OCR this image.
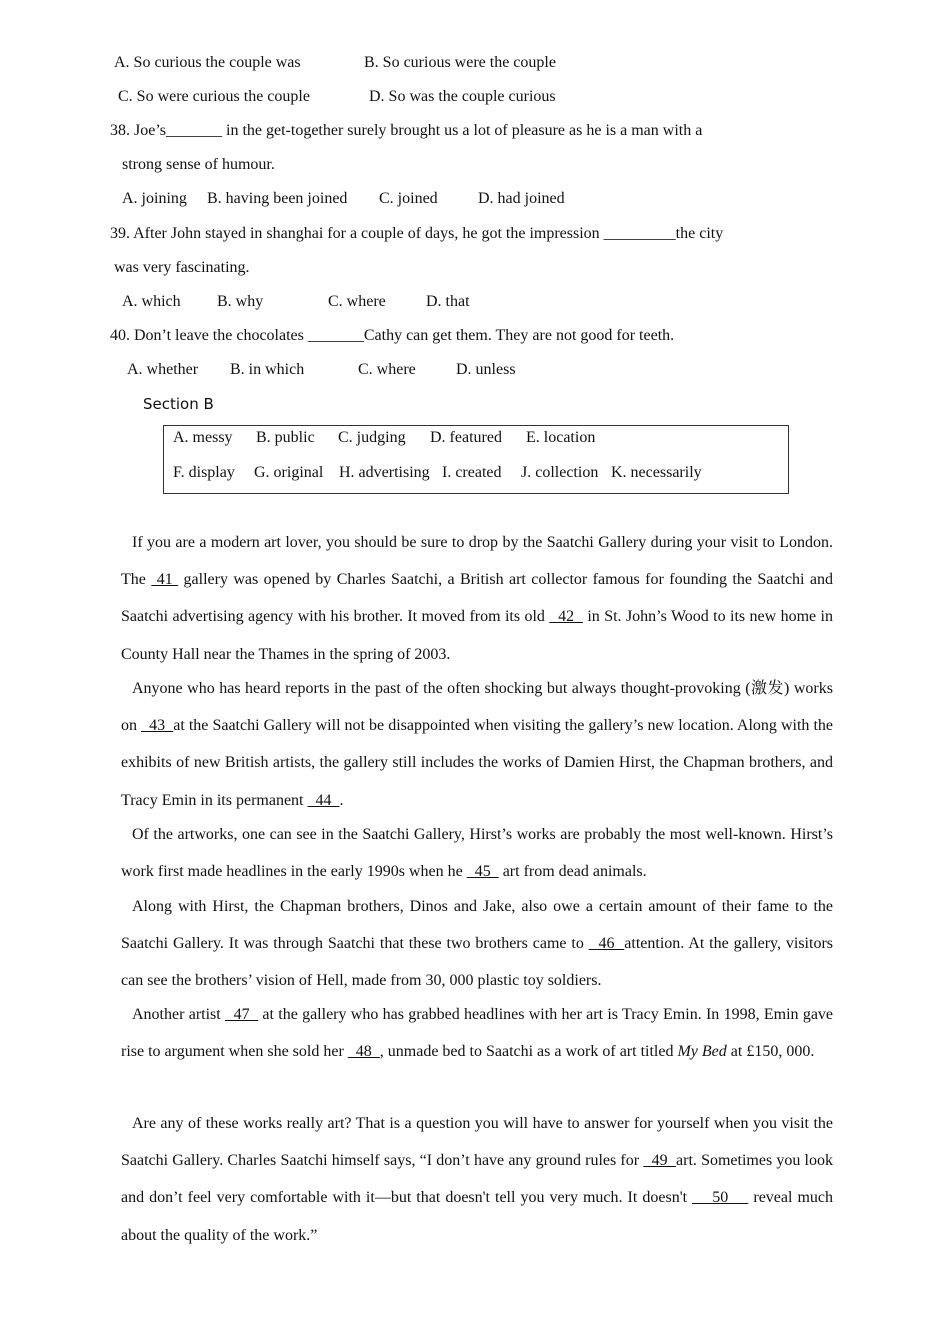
A. So curious the couple was	B. So curious were the couple
C. So were curious the couple	D. So was the couple curious
38. Joe’s_______ in the get-together surely brought us a lot of pleasure as he is a man with a
strong sense of humour.
A. joining B. having been joined C. joined	D. had joined
39. After John stayed in shanghai for a couple of days, he got the impression _________the city
was very fascinating.
A. which B. why	C. where	D. that
40. Don’t leave the chocolates _______Cathy can get them. They are not good for teeth.
A. whether B. in which	C. where	D. unless
Section B
A. messy B. public C. judging D. featured E. location
F. display G. original H. advertising I. created J. collection K. necessarily
If you are a modern art lover, you should be sure to drop by the Saatchi Gallery during your visit to London. The  41  gallery was opened by Charles Saatchi, a British art collector famous for founding the Saatchi and Saatchi advertising agency with his brother. It moved from its old   42   in St. John’s Wood to its new home in County Hall near the Thames in the spring of 2003.
Anyone who has heard reports in the past of the often shocking but always thought-provoking (激发) works on   43  at the Saatchi Gallery will not be disappointed when visiting the gallery’s new location. Along with the exhibits of new British artists, the gallery still includes the works of Damien Hirst, the Chapman brothers, and Tracy Emin in its permanent   44  .
Of the artworks, one can see in the Saatchi Gallery, Hirst’s works are probably the most well-known. Hirst’s work first made headlines in the early 1990s when he   45   art from dead animals.
Along with Hirst, the Chapman brothers, Dinos and Jake, also owe a certain amount of their fame to the Saatchi Gallery. It was through Saatchi that these two brothers came to   46  attention. At the gallery, visitors can see the brothers’ vision of Hell, made from 30, 000 plastic toy soldiers.
Another artist   47   at the gallery who has grabbed headlines with her art is Tracy Emin. In 1998, Emin gave rise to argument when she sold her   48  , unmade bed to Saatchi as a work of art titled My Bed at £150, 000.
Are any of these works really art? That is a question you will have to answer for yourself when you visit the Saatchi Gallery. Charles Saatchi himself says, “I don’t have any ground rules for   49  art. Sometimes you look and don’t feel very comfortable with it—but that doesn't tell you very much. It doesn't     50     reveal much about the quality of the work.”
